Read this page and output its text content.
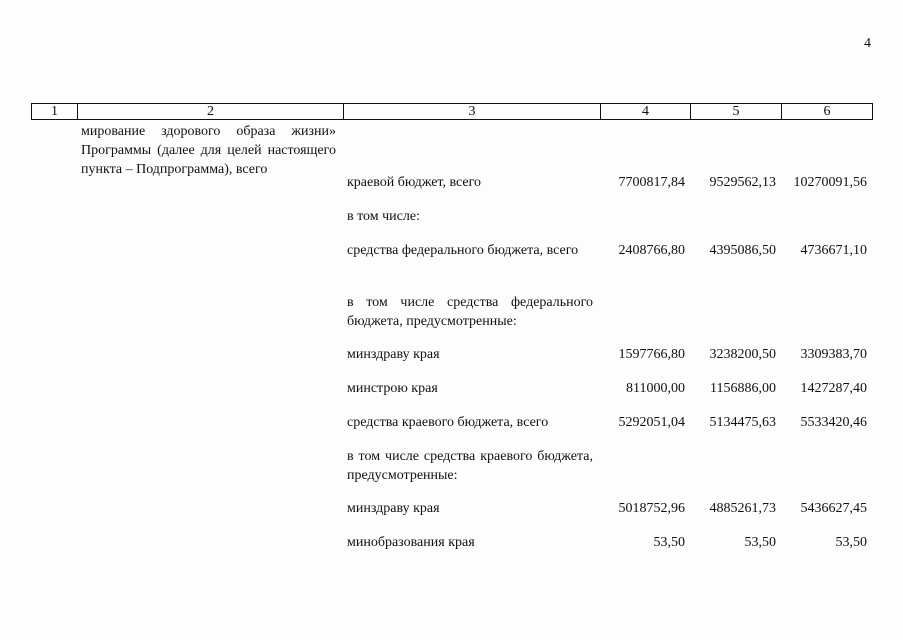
4
1	2	3	4	5	6
мирование здорового образа жизни» Программы (далее для целей настоящего пункта – Подпрограмма), всего
краевой бюджет, всего	7700817,84 9529562,13 10270091,56
в том числе:
средства федерального бюджета, всего	2408766,80 4395086,50 4736671,10
в том числе средства федерального бюджета, предусмотренные:
минздраву края	1597766,80 3238200,50 3309383,70
минстрою края	811000,00 1156886,00 1427287,40
средства краевого бюджета, всего	5292051,04 5134475,63 5533420,46
в том числе средства краевого бюджета, предусмотренные:
минздраву края	5018752,96 4885261,73 5436627,45
минобразования края	53,50	53,50	53,50
